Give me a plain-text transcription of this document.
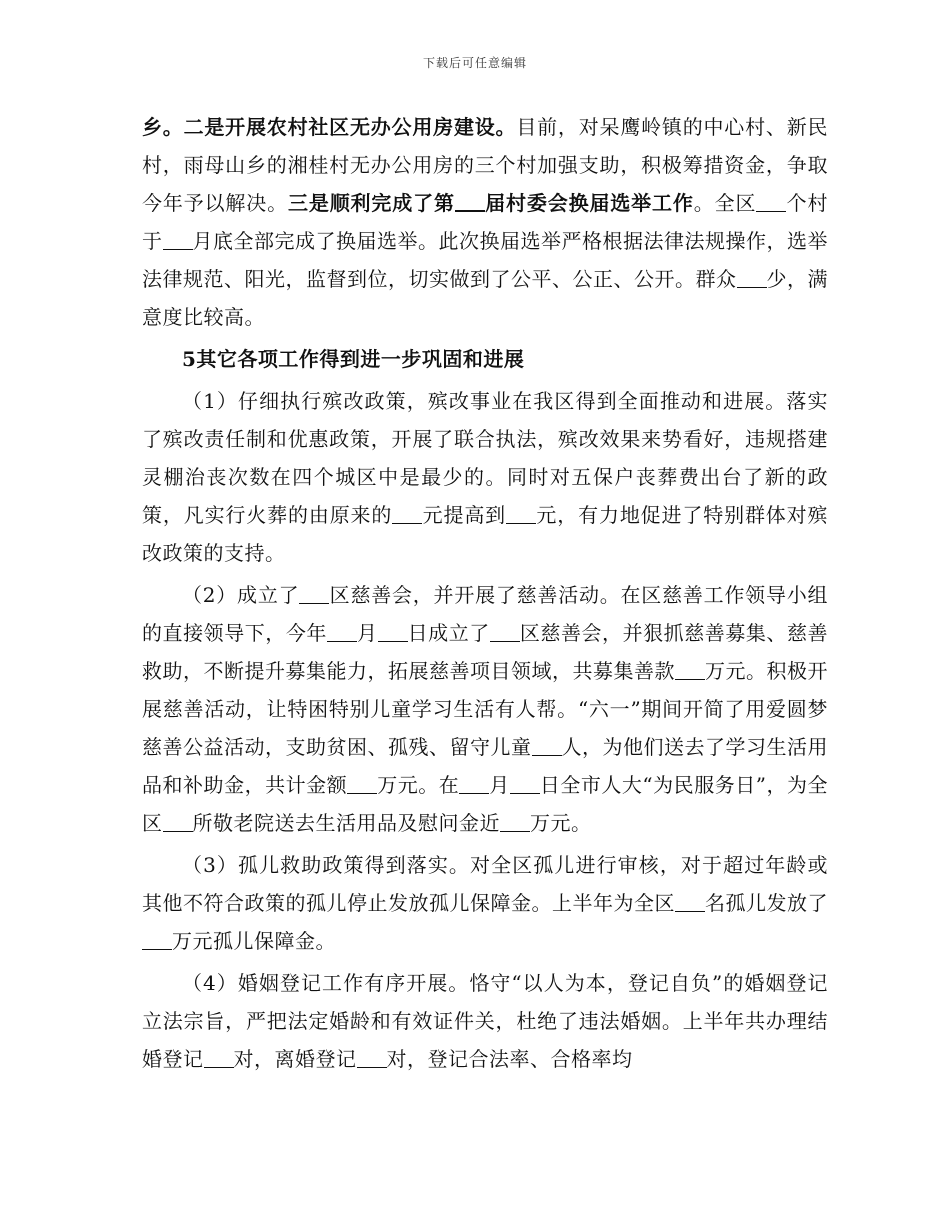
下载后可任意编辑

乡。二是开展农村社区无办公用房建设。目前，对呆鹰岭镇的中心村、新民村，雨母山乡的湘桂村无办公用房的三个村加强支助，积极筹措资金，争取今年予以解决。三是顺利完成了第 届村委会换届选举工作。全区 个村于 月底全部完成了换届选举。此次换届选举严格根据法律法规操作，选举法律规范、阳光，监督到位，切实做到了公平、公正、公开。群众 少，满意度比较高。

5其它各项工作得到进一步巩固和进展

（1）仔细执行殡改政策，殡改事业在我区得到全面推动和进展。落实了殡改责任制和优惠政策，开展了联合执法，殡改效果来势看好，违规搭建灵棚治丧次数在四个城区中是最少的。同时对五保户丧葬费出台了新的政策，凡实行火葬的由原来的 元提高到 元，有力地促进了特别群体对殡改政策的支持。

（2）成立了 区慈善会，并开展了慈善活动。在区慈善工作领导小组的直接领导下，今年 月 日成立了 区慈善会，并狠抓慈善募集、慈善救助，不断提升募集能力，拓展慈善项目领域，共募集善款 万元。积极开展慈善活动，让特困特别儿童学习生活有人帮。“六一”期间开简了用爱圆梦慈善公益活动，支助贫困、孤残、留守儿童 人，为他们送去了学习生活用品和补助金，共计金额 万元。在 月 日全市人大“为民服务日”，为全区 所敬老院送去生活用品及慰问金近 万元。

（3）孤儿救助政策得到落实。对全区孤儿进行审核，对于超过年龄或其他不符合政策的孤儿停止发放孤儿保障金。上半年为全区 名孤儿发放了万元孤儿保障金。

（4）婚姻登记工作有序开展。恪守“以人为本，登记自负”的婚姻登记立法宗旨，严把法定婚龄和有效证件关，杜绝了违法婚姻。上半年共办理结婚登记 对，离婚登记 对，登记合法率、合格率均
